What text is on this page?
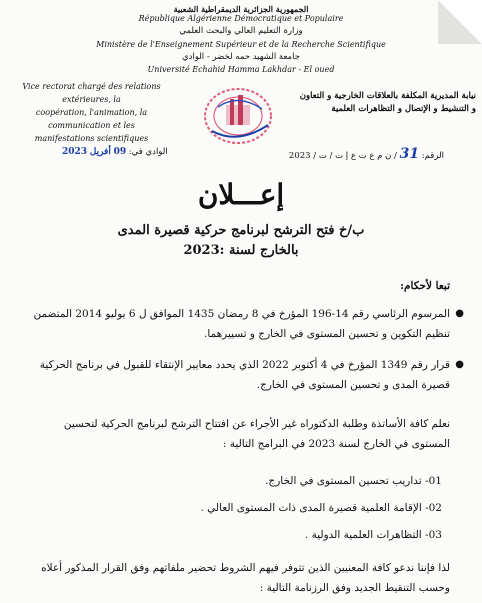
الجمهورية الجزائرية الديمقراطية الشعبية
République Algérienne Démocratique et Populaire
وزارة التعليم العالي والبحث العلمي
Ministère de l'Enseignement Supérieur et de la Recherche Scientifique
جامعة الشهيد حمه لخضر - الوادي
Université Echahid Hamma Lakhdar - El oued
Vice rectorat chargé des relations extérieures, la
coopération, l'animation, la communication et les
manifestations scientifiques
نيابة المديرية المكلفة بالعلاقات الخارجية و التعاون
و التنشيط و الإتصال و التظاهرات العلمية
الوادي في: 09 أفريل 2023	الرقم: 31 / ن م ع ت ع إ ت / ت / 2023
إعـــلان
ب/خ فتح الترشح لبرنامج حركية قصيرة المدى
بالخارج لسنة :2023
تبعا لأحكام:
●
المرسوم الرئاسي رقم 14-196 المؤرخ في 8 رمضان 1435 الموافق ل 6 يوليو 2014 المتضمن تنظيم التكوين و تحسين المستوى في الخارج و تسييرهما.
●
قرار رقم 1349 المؤرخ في 4 أكتوبر 2022 الذي يحدد معايير الإنتقاء للقبول في برنامج الحركية قصيرة المدى و تحسين المستوى في الخارج.
نعلم كافة الأساتذة وطلبة الدكتوراه غير الأجراء عن افتتاح الترشح لبرنامج الحركية لتحسين المستوى في الخارج لسنة 2023 في البرامج التالية :
01- تداريب تحسين المستوى في الخارج.
02- الإقامة العلمية قصيرة المدى ذات المستوى العالي .
03- التظاهرات العلمية الدولية .
لذا فإننا ندعو كافة المعنيين الذين تتوفر فيهم الشروط تحضير ملفاتهم وفق القرار المذكور أعلاه وحسب التنقيط الجديد وفق الرزنامة التالية :
